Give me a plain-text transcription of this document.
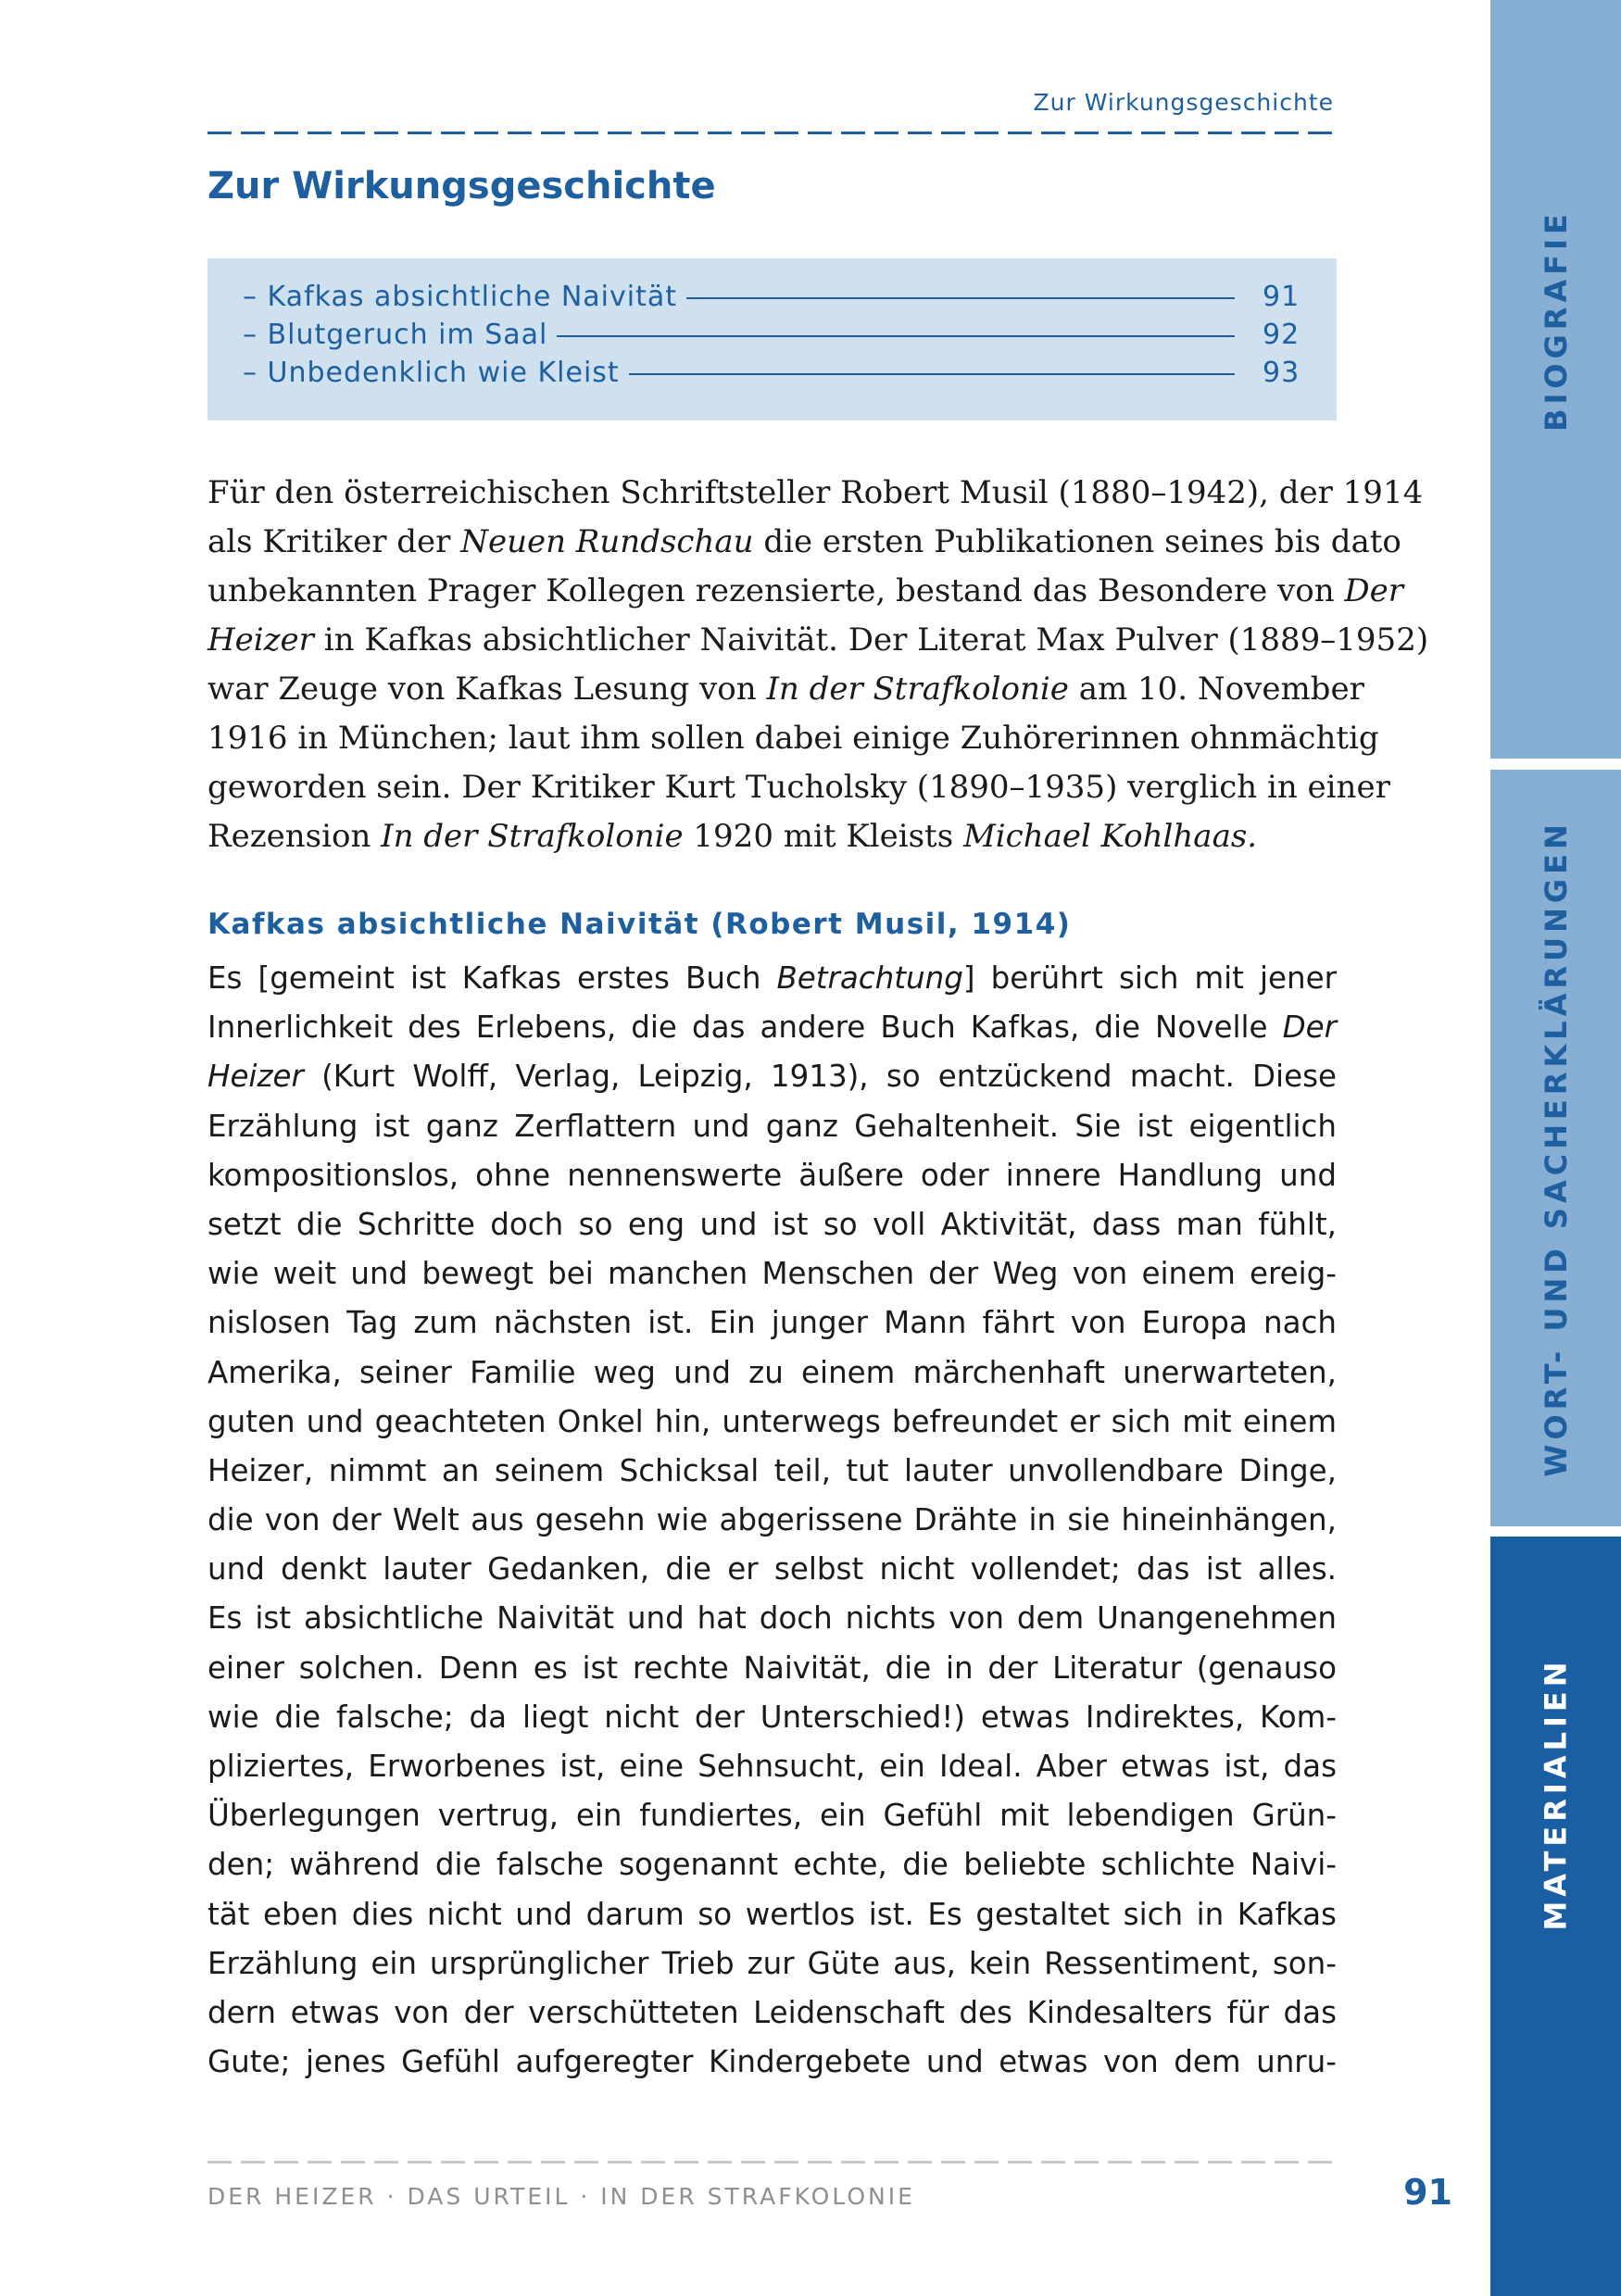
Zur Wirkungsgeschichte
Zur Wirkungsgeschichte
– Kafkas absichtliche Naivität	91
– Blutgeruch im Saal	92
– Unbedenklich wie Kleist	93
Für den österreichischen Schriftsteller Robert Musil (1880–1942), der 1914
als Kritiker der Neuen Rundschau die ersten Publikationen seines bis dato
unbekannten Prager Kollegen rezensierte, bestand das Besondere von Der
Heizer in Kafkas absichtlicher Naivität. Der Literat Max Pulver (1889–1952)
war Zeuge von Kafkas Lesung von In der Strafkolonie am 10. November
1916 in München; laut ihm sollen dabei einige Zuhörerinnen ohnmächtig
geworden sein. Der Kritiker Kurt Tucholsky (1890–1935) verglich in einer
Rezension In der Strafkolonie 1920 mit Kleists Michael Kohlhaas.
Kafkas absichtliche Naivität (Robert Musil, 1914)
Es [gemeint ist Kafkas erstes Buch Betrachtung] berührt sich mit jener
Innerlichkeit des Erlebens, die das andere Buch Kafkas, die Novelle Der
Heizer (Kurt Wolff, Verlag, Leipzig, 1913), so entzückend macht. Diese
Erzählung ist ganz Zerflattern und ganz Gehaltenheit. Sie ist eigentlich
kompositionslos, ohne nennenswerte äußere oder innere Handlung und
setzt die Schritte doch so eng und ist so voll Aktivität, dass man fühlt,
wie weit und bewegt bei manchen Menschen der Weg von einem ereig-
nislosen Tag zum nächsten ist. Ein junger Mann fährt von Europa nach
Amerika, seiner Familie weg und zu einem märchenhaft unerwarteten,
guten und geachteten Onkel hin, unterwegs befreundet er sich mit einem
Heizer, nimmt an seinem Schicksal teil, tut lauter unvollendbare Dinge,
die von der Welt aus gesehn wie abgerissene Drähte in sie hineinhängen,
und denkt lauter Gedanken, die er selbst nicht vollendet; das ist alles.
Es ist absichtliche Naivität und hat doch nichts von dem Unangenehmen
einer solchen. Denn es ist rechte Naivität, die in der Literatur (genauso
wie die falsche; da liegt nicht der Unterschied!) etwas Indirektes, Kom-
pliziertes, Erworbenes ist, eine Sehnsucht, ein Ideal. Aber etwas ist, das
Überlegungen vertrug, ein fundiertes, ein Gefühl mit lebendigen Grün-
den; während die falsche sogenannt echte, die beliebte schlichte Naivi-
tät eben dies nicht und darum so wertlos ist. Es gestaltet sich in Kafkas
Erzählung ein ursprünglicher Trieb zur Güte aus, kein Ressentiment, son-
dern etwas von der verschütteten Leidenschaft des Kindesalters für das
Gute; jenes Gefühl aufgeregter Kindergebete und etwas von dem unru-
DER HEIZER · DAS URTEIL · IN DER STRAFKOLONIE	91
BIOGRAFIE
WORT- UND SACHERKLÄRUNGEN
MATERIALIEN
